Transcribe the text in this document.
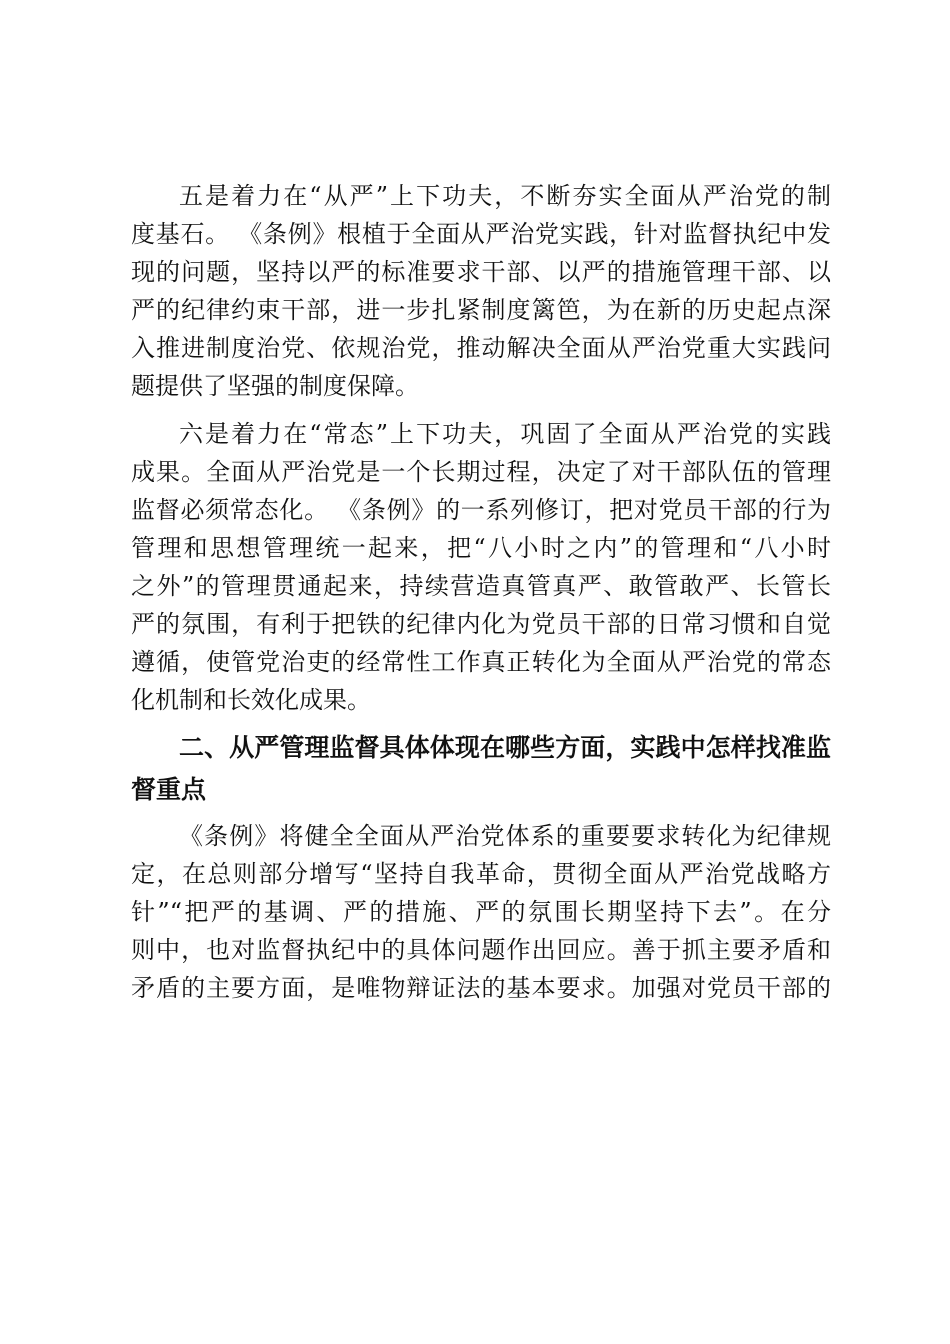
五是着力在“从严”上下功夫，不断夯实全面从严治党的制
度基石。 《条例》根植于全面从严治党实践，针对监督执纪中发
现的问题，坚持以严的标准要求干部、以严的措施管理干部、以
严的纪律约束干部，进一步扎紧制度篱笆，为在新的历史起点深
入推进制度治党、依规治党，推动解决全面从严治党重大实践问
题提供了坚强的制度保障。
六是着力在“常态”上下功夫，巩固了全面从严治党的实践
成果。全面从严治党是一个长期过程，决定了对干部队伍的管理
监督必须常态化。 《条例》的一系列修订，把对党员干部的行为
管理和思想管理统一起来，把“八小时之内”的管理和“八小时
之外”的管理贯通起来，持续营造真管真严、敢管敢严、长管长
严的氛围，有利于把铁的纪律内化为党员干部的日常习惯和自觉
遵循，使管党治吏的经常性工作真正转化为全面从严治党的常态
化机制和长效化成果。
二、从严管理监督具体体现在哪些方面，实践中怎样找准监
督重点
《条例》将健全全面从严治党体系的重要要求转化为纪律规
定，在总则部分增写“坚持自我革命，贯彻全面从严治党战略方
针”“把严的基调、严的措施、严的氛围长期坚持下去”。在分
则中，也对监督执纪中的具体问题作出回应。善于抓主要矛盾和
矛盾的主要方面，是唯物辩证法的基本要求。加强对党员干部的
